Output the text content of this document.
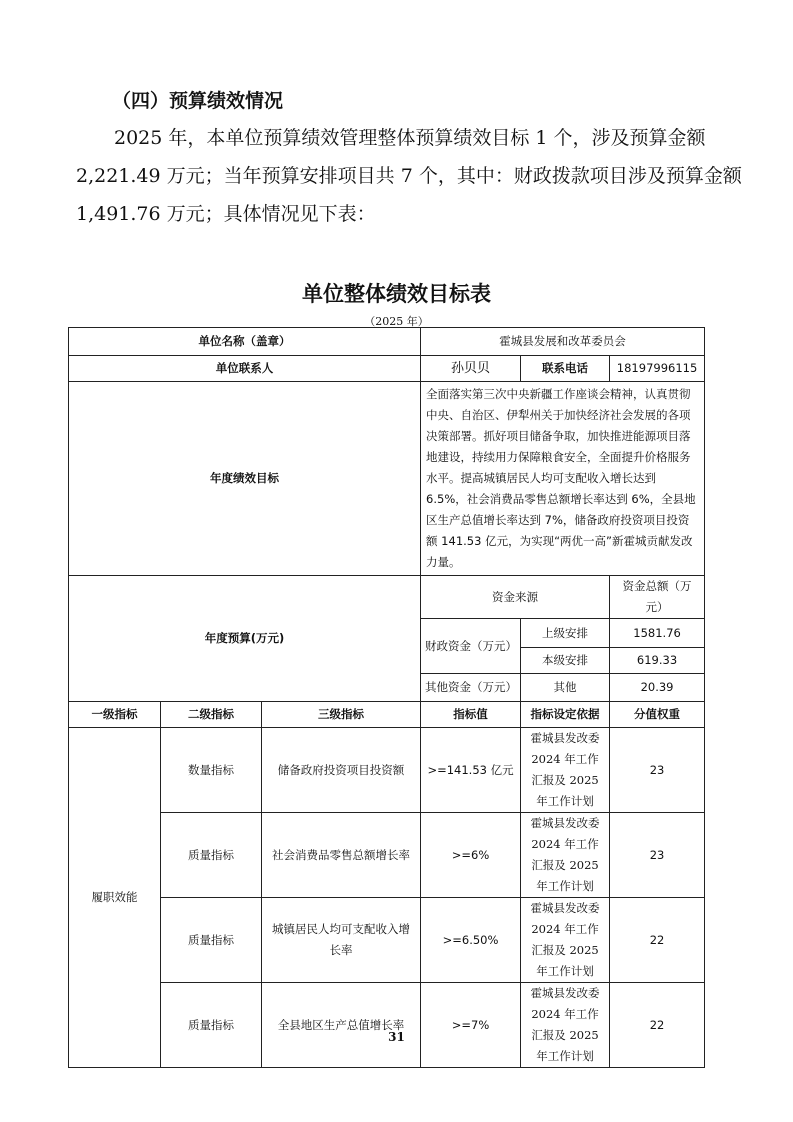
（四）预算绩效情况
2025 年，本单位预算绩效管理整体预算绩效目标 1 个，涉及预算金额
2,221.49 万元；当年预算安排项目共 7 个，其中：财政拨款项目涉及预算金额
1,491.76 万元；具体情况见下表：
单位整体绩效目标表
（2025 年）
单位名称（盖章）			霍城县发展和改革委员会		
单位联系人			孙贝贝	联系电话	18197996115
年度绩效目标			全面落实第三次中央新疆工作座谈会精神，认真贯彻中央、自治区、伊犁州关于加快经济社会发展的各项决策部署。抓好项目储备争取，加快推进能源项目落地建设，持续用力保障粮食安全，全面提升价格服务水平。提高城镇居民人均可支配收入增长达到 6.5%，社会消费品零售总额增长率达到 6%，全县地区生产总值增长率达到 7%，储备政府投资项目投资额 141.53 亿元，为实现“两优一高”新霍城贡献发改力量。		
年度预算(万元)			资金来源		资金总额（万元）
			财政资金（万元）	上级安排	1581.76
				本级安排	619.33
			其他资金（万元）	其他	20.39
一级指标	二级指标	三级指标	指标值	指标设定依据	分值权重
履职效能	数量指标	储备政府投资项目投资额	>=141.53 亿元	霍城县发改委 2024 年工作汇报及 2025 年工作计划	23
	质量指标	社会消费品零售总额增长率	>=6%	霍城县发改委 2024 年工作汇报及 2025 年工作计划	23
	质量指标	城镇居民人均可支配收入增长率	>=6.50%	霍城县发改委 2024 年工作汇报及 2025 年工作计划	22
	质量指标	全县地区生产总值增长率	>=7%	霍城县发改委 2024 年工作汇报及 2025 年工作计划	22
31
